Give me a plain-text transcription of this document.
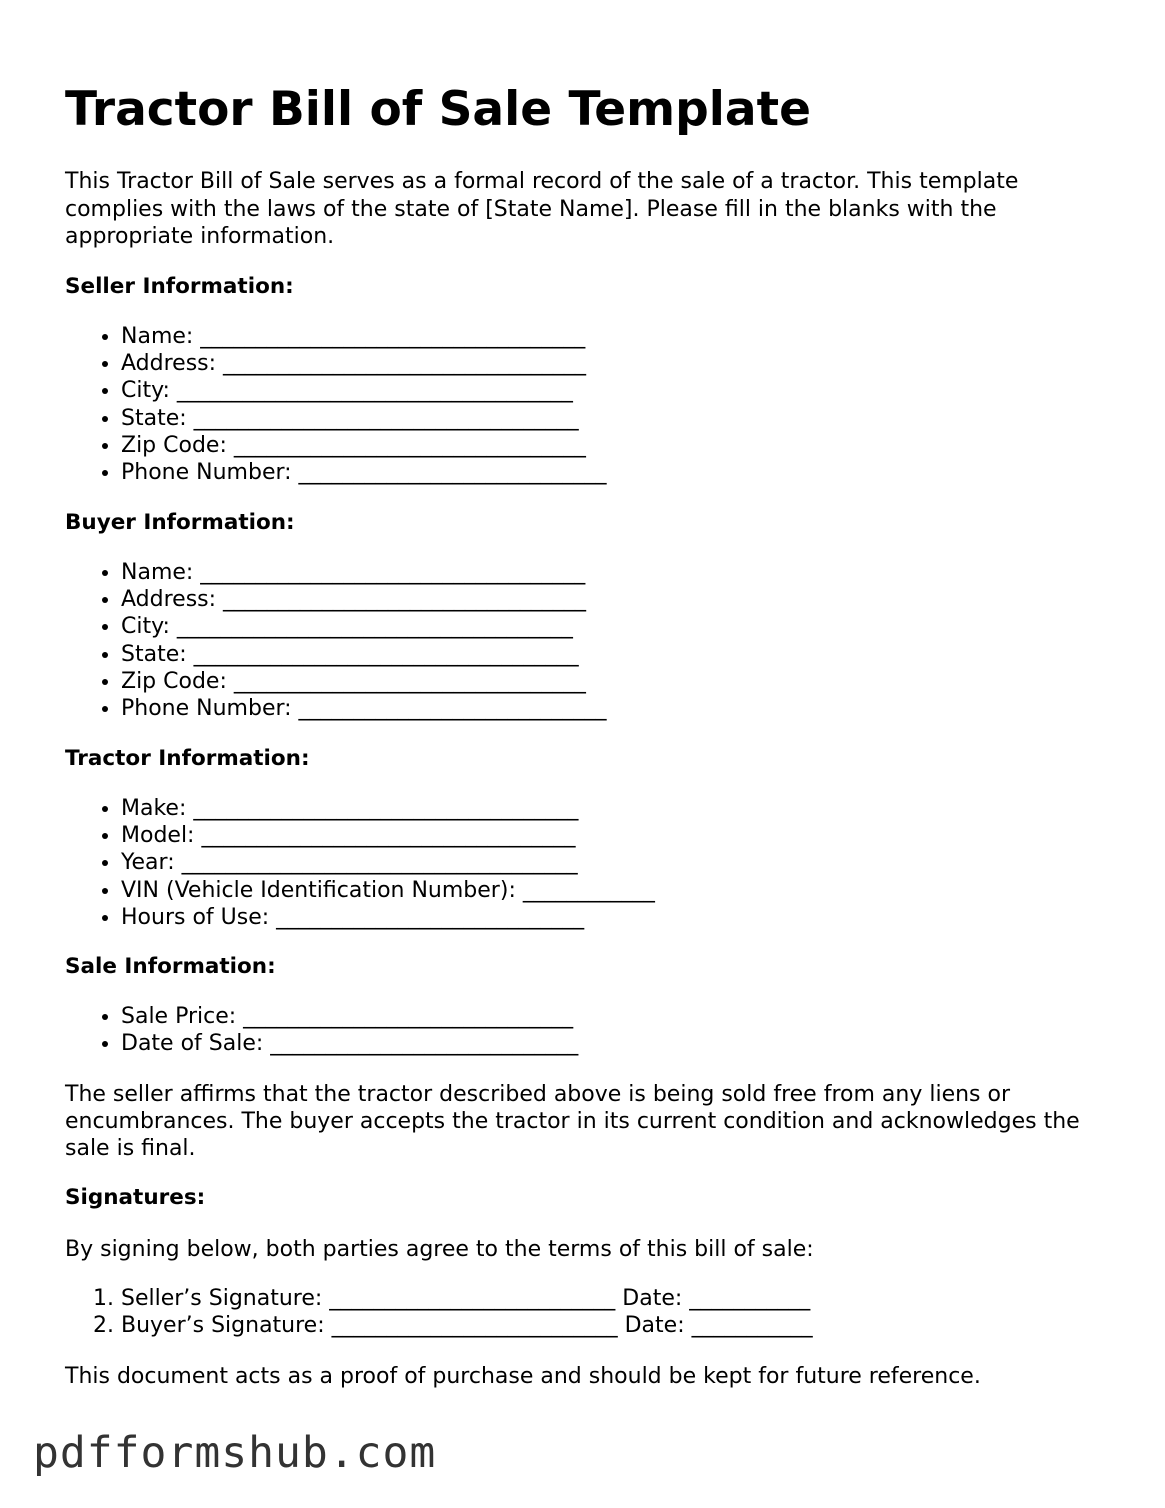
Tractor Bill of Sale Template

This Tractor Bill of Sale serves as a formal record of the sale of a tractor. This template complies with the laws of the state of [State Name]. Please fill in the blanks with the appropriate information.

Seller Information:

• Name: ___________________________________
• Address: _________________________________
• City: ____________________________________
• State: ___________________________________
• Zip Code: ________________________________
• Phone Number: ____________________________

Buyer Information:

• Name: ___________________________________
• Address: _________________________________
• City: ____________________________________
• State: ___________________________________
• Zip Code: ________________________________
• Phone Number: ____________________________

Tractor Information:

• Make: ___________________________________
• Model: __________________________________
• Year: ____________________________________
• VIN (Vehicle Identification Number): ____________
• Hours of Use: ____________________________

Sale Information:

• Sale Price: ______________________________
• Date of Sale: ____________________________

The seller affirms that the tractor described above is being sold free from any liens or encumbrances. The buyer accepts the tractor in its current condition and acknowledges the sale is final.

Signatures:

By signing below, both parties agree to the terms of this bill of sale:

1. Seller’s Signature: __________________________ Date: ___________
2. Buyer’s Signature: __________________________ Date: ___________

This document acts as a proof of purchase and should be kept for future reference.

pdfformshub.com
